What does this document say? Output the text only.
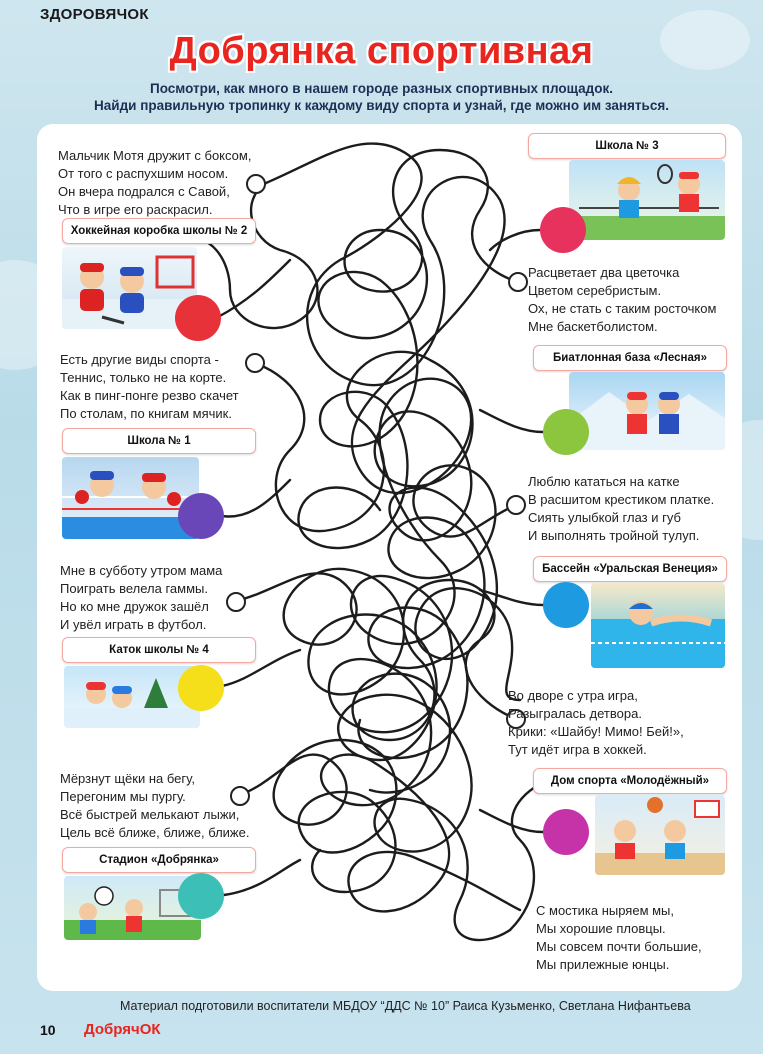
ЗДОРОВЯЧОК
Добрянка спортивная
Посмотри, как много в нашем городе разных спортивных площадок.
Найди правильную тропинку к каждому виду спорта и узнай, где можно им заняться.
Мальчик Мотя дружит с боксом,
От того с распухшим носом.
Он вчера подрался с Савой,
Что в игре его раскрасил.
Хоккейная коробка школы № 2
Есть другие виды спорта -
Теннис, только не на корте.
Как в пинг-понге резво скачет
По столам, по книгам мячик.
Школа № 1
Мне в субботу утром мама
Поиграть велела гаммы.
Но ко мне дружок зашёл
И увёл играть в футбол.
Каток школы № 4
Мёрзнут щёки на бегу,
Перегоним мы пургу.
Всё быстрей мелькают лыжи,
Цель всё ближе, ближе, ближе.
Стадион «Добрянка»
Школа № 3
Расцветает два цветочка
Цветом серебристым.
Ох, не стать с таким росточком
Мне баскетболистом.
Биатлонная база «Лесная»
Люблю кататься на катке
В расшитом крестиком платке.
Сиять улыбкой глаз и губ
И выполнять тройной тулуп.
Бассейн «Уральская Венеция»
Во дворе с утра игра,
Разыгралась детвора.
Крики: «Шайбу! Мимо! Бей!»,
Тут идёт игра в хоккей.
Дом спорта «Молодёжный»
С мостика ныряем мы,
Мы хорошие пловцы.
Мы совсем почти большие,
Мы прилежные юнцы.
Материал подготовили воспитатели МБДОУ “ДДС № 10” Раиса Кузьменко, Светлана Нифантьева
10 ДобрячОК
